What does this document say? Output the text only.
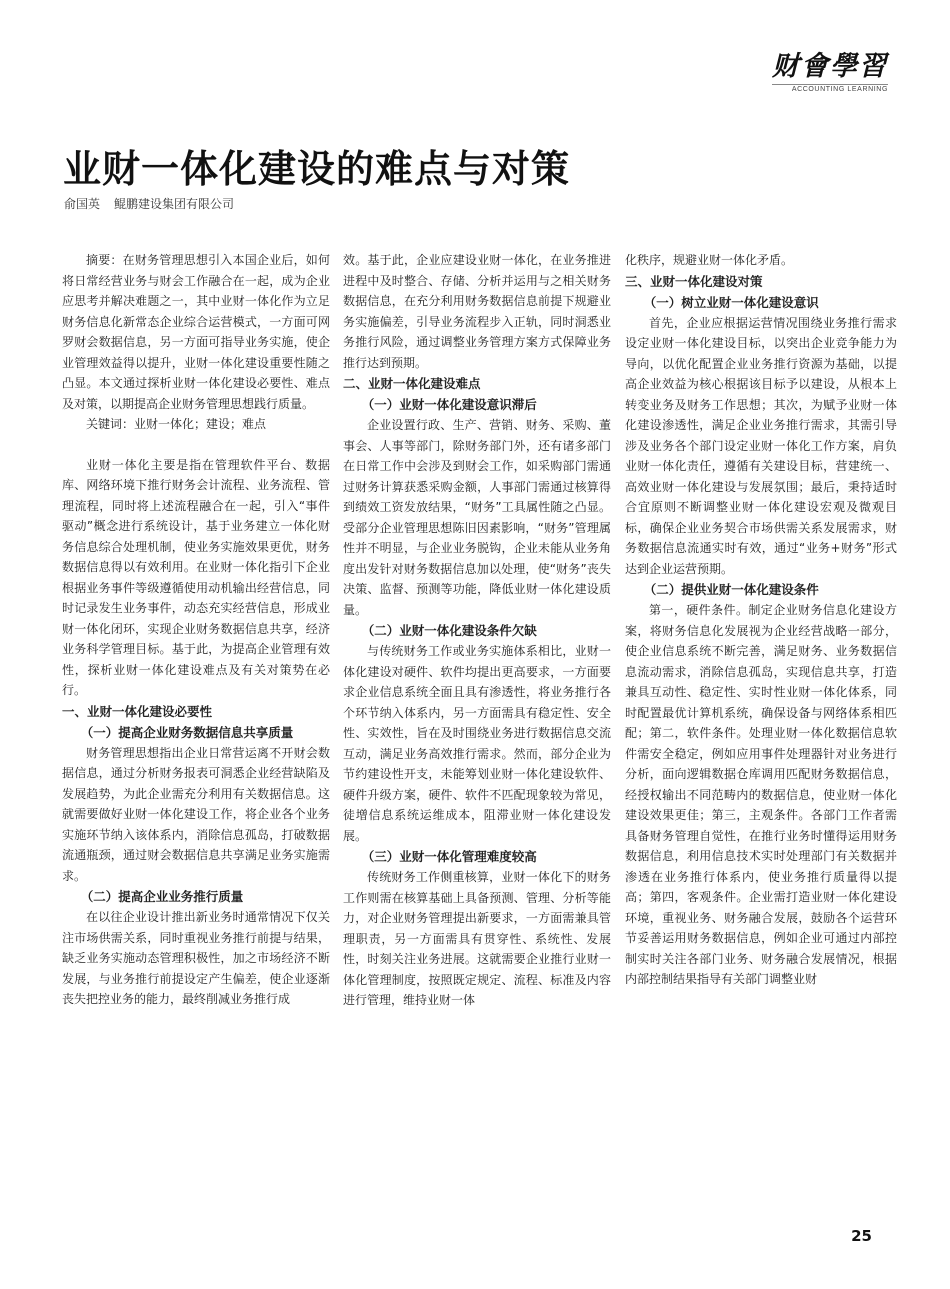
财會學習
ACCOUNTING LEARNING
业财一体化建设的难点与对策
俞国英 鲲鹏建设集团有限公司

摘要：在财务管理思想引入本国企业后，如何将日常经营业务与财会工作融合在一起，成为企业应思考并解决难题之一，其中业财一体化作为立足财务信息化新常态企业综合运营模式，一方面可网罗财会数据信息，另一方面可指导业务实施，使企业管理效益得以提升，业财一体化建设重要性随之凸显。本文通过探析业财一体化建设必要性、难点及对策，以期提高企业财务管理思想践行质量。

关键词：业财一体化；建设；难点

业财一体化主要是指在管理软件平台、数据库、网络环境下推行财务会计流程、业务流程、管理流程，同时将上述流程融合在一起，引入“事件驱动”概念进行系统设计，基于业务建立一体化财务信息综合处理机制，使业务实施效果更优，财务数据信息得以有效利用。在业财一体化指引下企业根据业务事件等级遵循使用动机输出经营信息，同时记录发生业务事件，动态充实经营信息，形成业财一体化闭环，实现企业财务数据信息共享，经济业务科学管理目标。基于此，为提高企业管理有效性，探析业财一体化建设难点及有关对策势在必行。

一、业财一体化建设必要性
（一）提高企业财务数据信息共享质量

财务管理思想指出企业日常营运离不开财会数据信息，通过分析财务报表可洞悉企业经营缺陷及发展趋势，为此企业需充分利用有关数据信息。这就需要做好业财一体化建设工作，将企业各个业务实施环节纳入该体系内，消除信息孤岛，打破数据流通瓶颈，通过财会数据信息共享满足业务实施需求。

（二）提高企业业务推行质量

在以往企业设计推出新业务时通常情况下仅关注市场供需关系，同时重视业务推行前提与结果，缺乏业务实施动态管理积极性，加之市场经济不断发展，与业务推行前提设定产生偏差，使企业逐渐丧失把控业务的能力，最终削减业务推行成

效。基于此，企业应建设业财一体化，在业务推进进程中及时整合、存储、分析并运用与之相关财务数据信息，在充分利用财务数据信息前提下规避业务实施偏差，引导业务流程步入正轨，同时洞悉业务推行风险，通过调整业务管理方案方式保障业务推行达到预期。

二、业财一体化建设难点
（一）业财一体化建设意识滞后

企业设置行政、生产、营销、财务、采购、董事会、人事等部门，除财务部门外，还有诸多部门在日常工作中会涉及到财会工作，如采购部门需通过财务计算获悉采购金额，人事部门需通过核算得到绩效工资发放结果，“财务”工具属性随之凸显。受部分企业管理思想陈旧因素影响，“财务”管理属性并不明显，与企业业务脱钩，企业未能从业务角度出发针对财务数据信息加以处理，使“财务”丧失决策、监督、预测等功能，降低业财一体化建设质量。

（二）业财一体化建设条件欠缺

与传统财务工作或业务实施体系相比，业财一体化建设对硬件、软件均提出更高要求，一方面要求企业信息系统全面且具有渗透性，将业务推行各个环节纳入体系内，另一方面需具有稳定性、安全性、实效性，旨在及时围绕业务进行数据信息交流互动，满足业务高效推行需求。然而，部分企业为节约建设性开支，未能筹划业财一体化建设软件、硬件升级方案，硬件、软件不匹配现象较为常见，徒增信息系统运维成本，阻滞业财一体化建设发展。

（三）业财一体化管理难度较高

传统财务工作侧重核算，业财一体化下的财务工作则需在核算基础上具备预测、管理、分析等能力，对企业财务管理提出新要求，一方面需兼具管理职责，另一方面需具有贯穿性、系统性、发展性，时刻关注业务进展。这就需要企业推行业财一体化管理制度，按照既定规定、流程、标准及内容进行管理，维持业财一体

化秩序，规避业财一体化矛盾。

三、业财一体化建设对策
（一）树立业财一体化建设意识

首先，企业应根据运营情况围绕业务推行需求设定业财一体化建设目标，以突出企业竞争能力为导向，以优化配置企业业务推行资源为基础，以提高企业效益为核心根据该目标予以建设，从根本上转变业务及财务工作思想；其次，为赋予业财一体化建设渗透性，满足企业业务推行需求，其需引导涉及业务各个部门设定业财一体化工作方案，肩负业财一体化责任，遵循有关建设目标，营建统一、高效业财一体化建设与发展氛围；最后，秉持适时合宜原则不断调整业财一体化建设宏观及微观目标，确保企业业务契合市场供需关系发展需求，财务数据信息流通实时有效，通过“业务+财务”形式达到企业运营预期。

（二）提供业财一体化建设条件

第一，硬件条件。制定企业财务信息化建设方案，将财务信息化发展视为企业经营战略一部分，使企业信息系统不断完善，满足财务、业务数据信息流动需求，消除信息孤岛，实现信息共享，打造兼具互动性、稳定性、实时性业财一体化体系，同时配置最优计算机系统，确保设备与网络体系相匹配；第二，软件条件。处理业财一体化数据信息软件需安全稳定，例如应用事件处理器针对业务进行分析，面向逻辑数据仓库调用匹配财务数据信息，经授权输出不同范畴内的数据信息，使业财一体化建设效果更佳；第三，主观条件。各部门工作者需具备财务管理自觉性，在推行业务时懂得运用财务数据信息，利用信息技术实时处理部门有关数据并渗透在业务推行体系内，使业务推行质量得以提高；第四，客观条件。企业需打造业财一体化建设环境，重视业务、财务融合发展，鼓励各个运营环节妥善运用财务数据信息，例如企业可通过内部控制实时关注各部门业务、财务融合发展情况，根据内部控制结果指导有关部门调整业财

25
